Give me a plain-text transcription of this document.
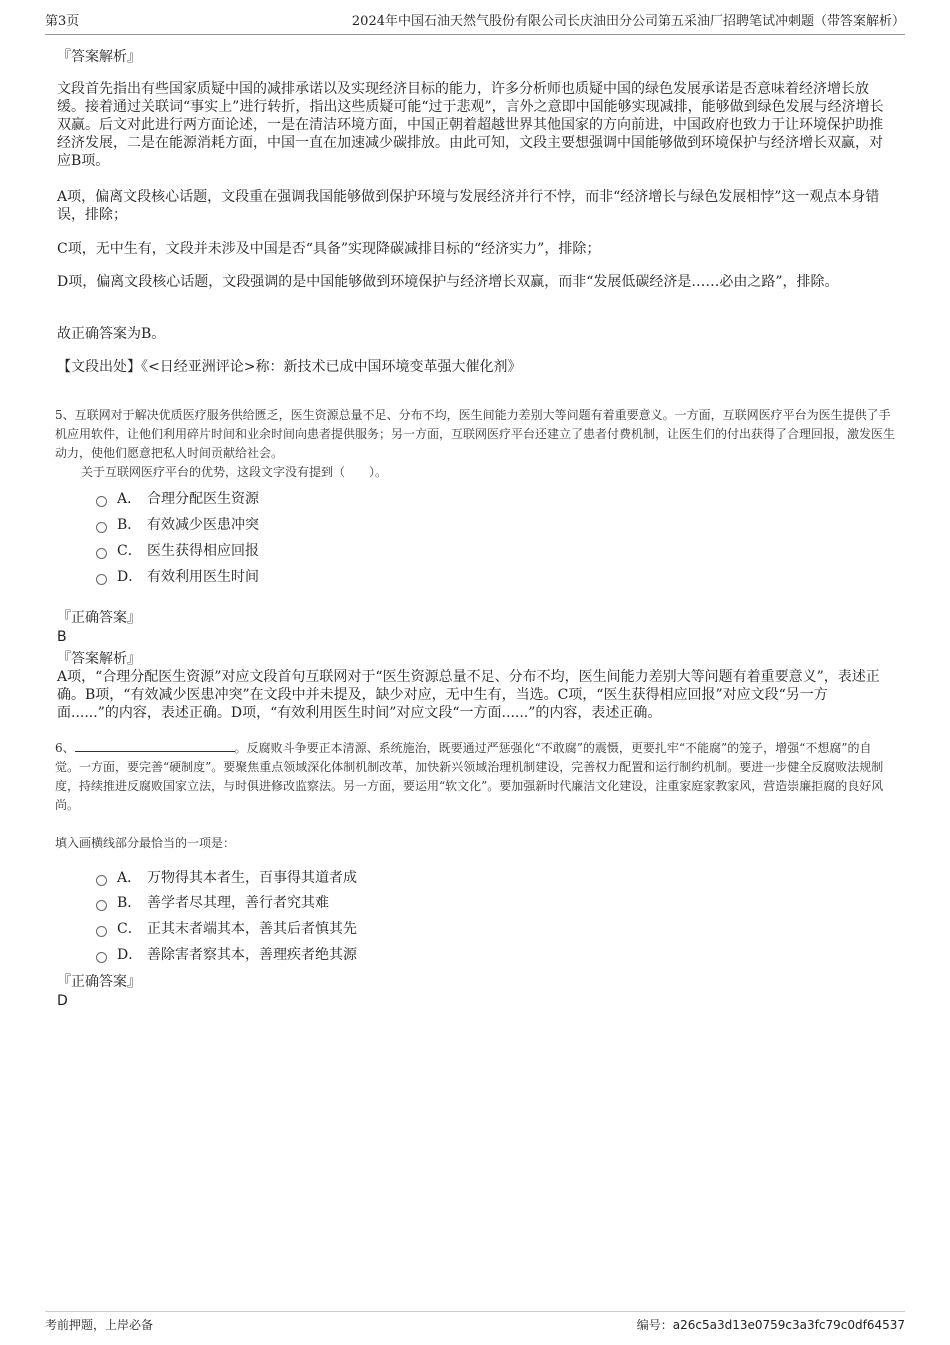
第3页	2024年中国石油天然气股份有限公司长庆油田分公司第五采油厂招聘笔试冲刺题（带答案解析）
『答案解析』
文段首先指出有些国家质疑中国的减排承诺以及实现经济目标的能力，许多分析师也质疑中国的绿色发展承诺是否意味着经济增长放缓。接着通过关联词“事实上”进行转折，指出这些质疑可能“过于悲观”，言外之意即中国能够实现减排，能够做到绿色发展与经济增长双赢。后文对此进行两方面论述，一是在清洁环境方面，中国正朝着超越世界其他国家的方向前进，中国政府也致力于让环境保护助推经济发展，二是在能源消耗方面，中国一直在加速减少碳排放。由此可知，文段主要想强调中国能够做到环境保护与经济增长双赢，对应B项。
A项，偏离文段核心话题，文段重在强调我国能够做到保护环境与发展经济并行不悖，而非“经济增长与绿色发展相悖”这一观点本身错误，排除；
C项，无中生有，文段并未涉及中国是否“具备”实现降碳减排目标的“经济实力”，排除；
D项，偏离文段核心话题，文段强调的是中国能够做到环境保护与经济增长双赢，而非“发展低碳经济是……必由之路”，排除。
故正确答案为B。
【文段出处】《<日经亚洲评论>称：新技术已成中国环境变革强大催化剂》
5、互联网对于解决优质医疗服务供给匮乏，医生资源总量不足、分布不均，医生间能力差别大等问题有着重要意义。一方面，互联网医疗平台为医生提供了手机应用软件，让他们利用碎片时间和业余时间向患者提供服务；另一方面，互联网医疗平台还建立了患者付费机制，让医生们的付出获得了合理回报，激发医生动力，使他们愿意把私人时间贡献给社会。
关于互联网医疗平台的优势，这段文字没有提到（　　）。
A． 合理分配医生资源
B． 有效减少医患冲突
C． 医生获得相应回报
D． 有效利用医生时间
『正确答案』
B
『答案解析』
A项，“合理分配医生资源”对应文段首句互联网对于“医生资源总量不足、分布不均，医生间能力差别大等问题有着重要意义”，表述正确。B项，“有效减少医患冲突”在文段中并未提及，缺少对应，无中生有，当选。C项，“医生获得相应回报”对应文段“另一方面......”的内容，表述正确。D项，“有效利用医生时间”对应文段“一方面......”的内容，表述正确。
6、	。反腐败斗争要正本清源、系统施治，既要通过严惩强化“不敢腐”的震慑，更要扎牢“不能腐”的笼子，增强“不想腐”的自觉。一方面，要完善“硬制度”。要聚焦重点领域深化体制机制改革，加快新兴领域治理机制建设，完善权力配置和运行制约机制。要进一步健全反腐败法规制度，持续推进反腐败国家立法，与时俱进修改监察法。另一方面，要运用“软文化”。要加强新时代廉洁文化建设，注重家庭家教家风，营造崇廉拒腐的良好风尚。
填入画横线部分最恰当的一项是：
A． 万物得其本者生，百事得其道者成
B． 善学者尽其理，善行者究其难
C． 正其末者端其本，善其后者慎其先
D． 善除害者察其本，善理疾者绝其源
『正确答案』
D
考前押题，上岸必备	编号：a26c5a3d13e0759c3a3fc79c0df64537
